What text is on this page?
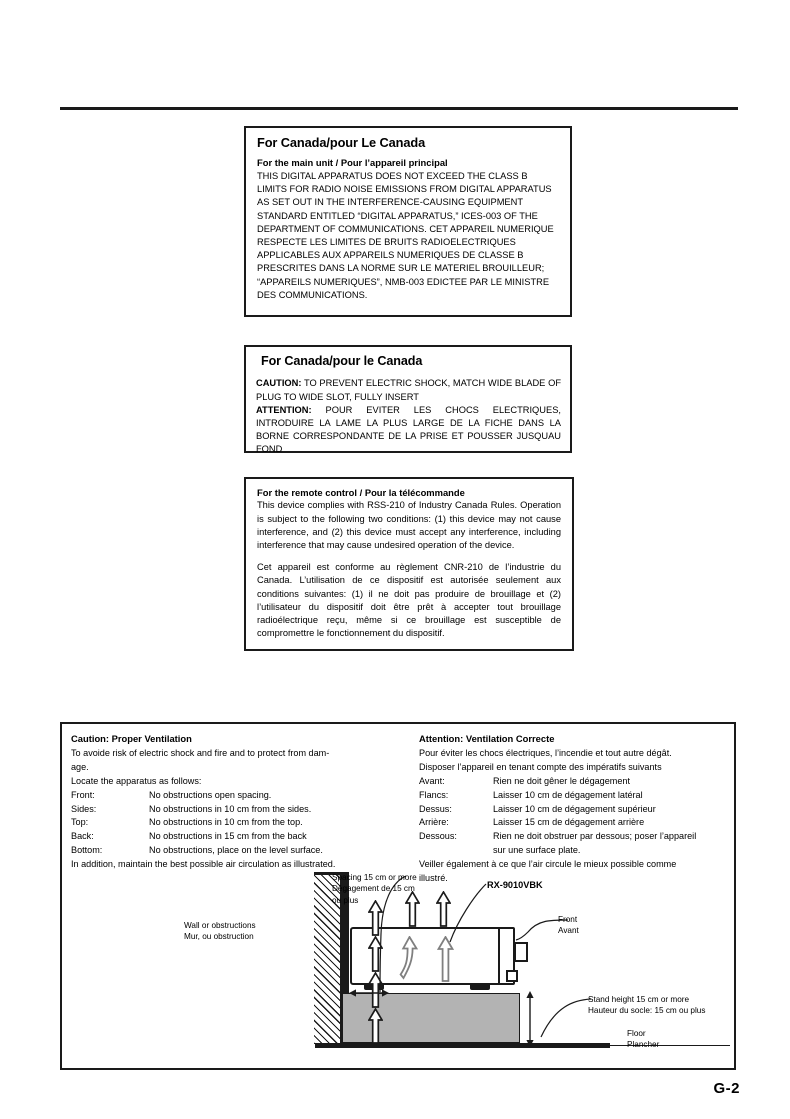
For Canada/pour Le Canada
For the main unit / Pour l’appareil principal
THIS DIGITAL APPARATUS DOES NOT EXCEED THE CLASS B LIMITS FOR RADIO NOISE EMISSIONS FROM DIGITAL APPARATUS AS SET OUT IN THE INTERFERENCE-CAUSING EQUIPMENT STANDARD ENTITLED “DIGITAL APPARATUS,” ICES-003 OF THE DEPARTMENT OF COMMUNICATIONS. CET APPAREIL NUMERIQUE RESPECTE LES LIMITES DE BRUITS RADIOELECTRIQUES APPLICABLES AUX APPAREILS NUMERIQUES DE CLASSE B PRESCRITES DANS LA NORME SUR LE MATERIEL BROUILLEUR; “APPAREILS NUMERIQUES”, NMB-003 EDICTEE PAR LE MINISTRE DES COMMUNICATIONS.
For Canada/pour le Canada

CAUTION: TO PREVENT ELECTRIC SHOCK, MATCH WIDE BLADE OF PLUG TO WIDE SLOT, FULLY INSERT

ATTENTION: POUR EVITER LES CHOCS ELECTRIQUES, INTRODUIRE LA LAME LA PLUS LARGE DE LA FICHE DANS LA BORNE CORRESPONDANTE DE LA PRISE ET POUSSER JUSQUAU FOND

For the remote control / Pour la télécommande

This device complies with RSS-210 of Industry Canada Rules. Operation is subject to the following two conditions: (1) this device may not cause interference, and (2) this device must accept any interference, including interference that may cause undesired operation of the device.

Cet appareil est conforme au règlement CNR-210 de l’industrie du Canada. L’utilisation de ce dispositif est autorisée seulement aux conditions suivantes: (1) il ne doit pas produire de brouillage et (2) l’utilisateur du dispositif doit être prêt à accepter tout brouillage radioélectrique reçu, même si ce brouillage est susceptible de compromettre le fonctionnement du dispositif.

Caution: Proper Ventilation
To avoide risk of electric shock and fire and to protect from dam-
age.
Locate the apparatus as follows:
Front:	No obstructions open spacing.
Sides:	No obstructions in 10 cm from the sides.
Top:	No obstructions in 10 cm from the top.
Back:	No obstructions in 15 cm from the back
Bottom:	No obstructions, place on the level surface.
In addition, maintain the best possible air circulation as illustrated.
Attention: Ventilation Correcte
Pour éviter les chocs électriques, l’incendie et tout autre dégât.
Disposer l’appareil en tenant compte des impératifs suivants
Avant:	Rien ne doit gêner le dégagement
Flancs:	Laisser 10 cm de dégagement latéral
Dessus:	Laisser 10 cm de dégagement supérieur
Arrière:	Laisser 15 cm de dégagement arrière
Dessous:	Rien ne doit obstruer par dessous; poser l’appareil
sur une surface plate.
Veiller également à ce que l’air circule le mieux possible comme
illustré.
Wall or obstructions
Mur, ou obstruction
Spacing 15 cm or more
Dégagement de 15 cm
ou plus
RX-9010VBK
Front
Avant
Stand height 15 cm or more
Hauteur du socle: 15 cm ou plus
Floor
Plancher
G-2
